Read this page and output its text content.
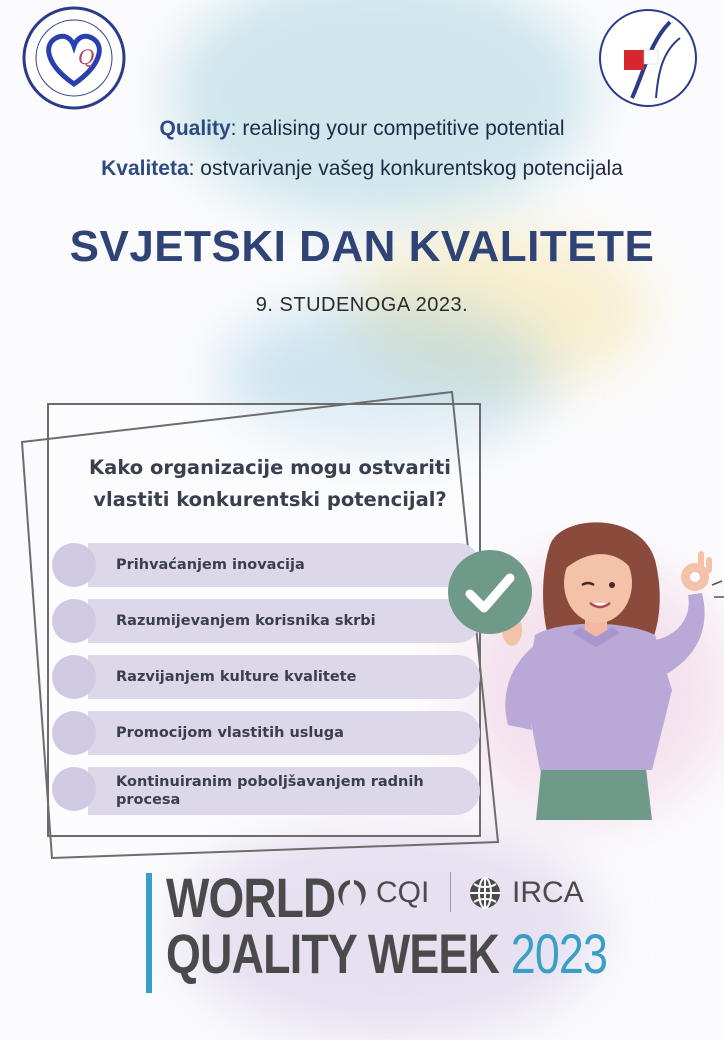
Q
Quality: realising your competitive potential
Kvaliteta: ostvarivanje vašeg konkurentskog potencijala
SVJETSKI DAN KVALITETE
9. STUDENOGA 2023.
Kako organizacije mogu ostvariti vlastiti konkurentski potencijal?
Prihvaćanjem inovacija
Razumijevanjem korisnika skrbi
Razvijanjem kulture kvalitete
Promocijom vlastitih usluga
Kontinuiranim poboljšavanjem radnih procesa
WORLD
QUALITY WEEK 2023
CQI	IRCA
